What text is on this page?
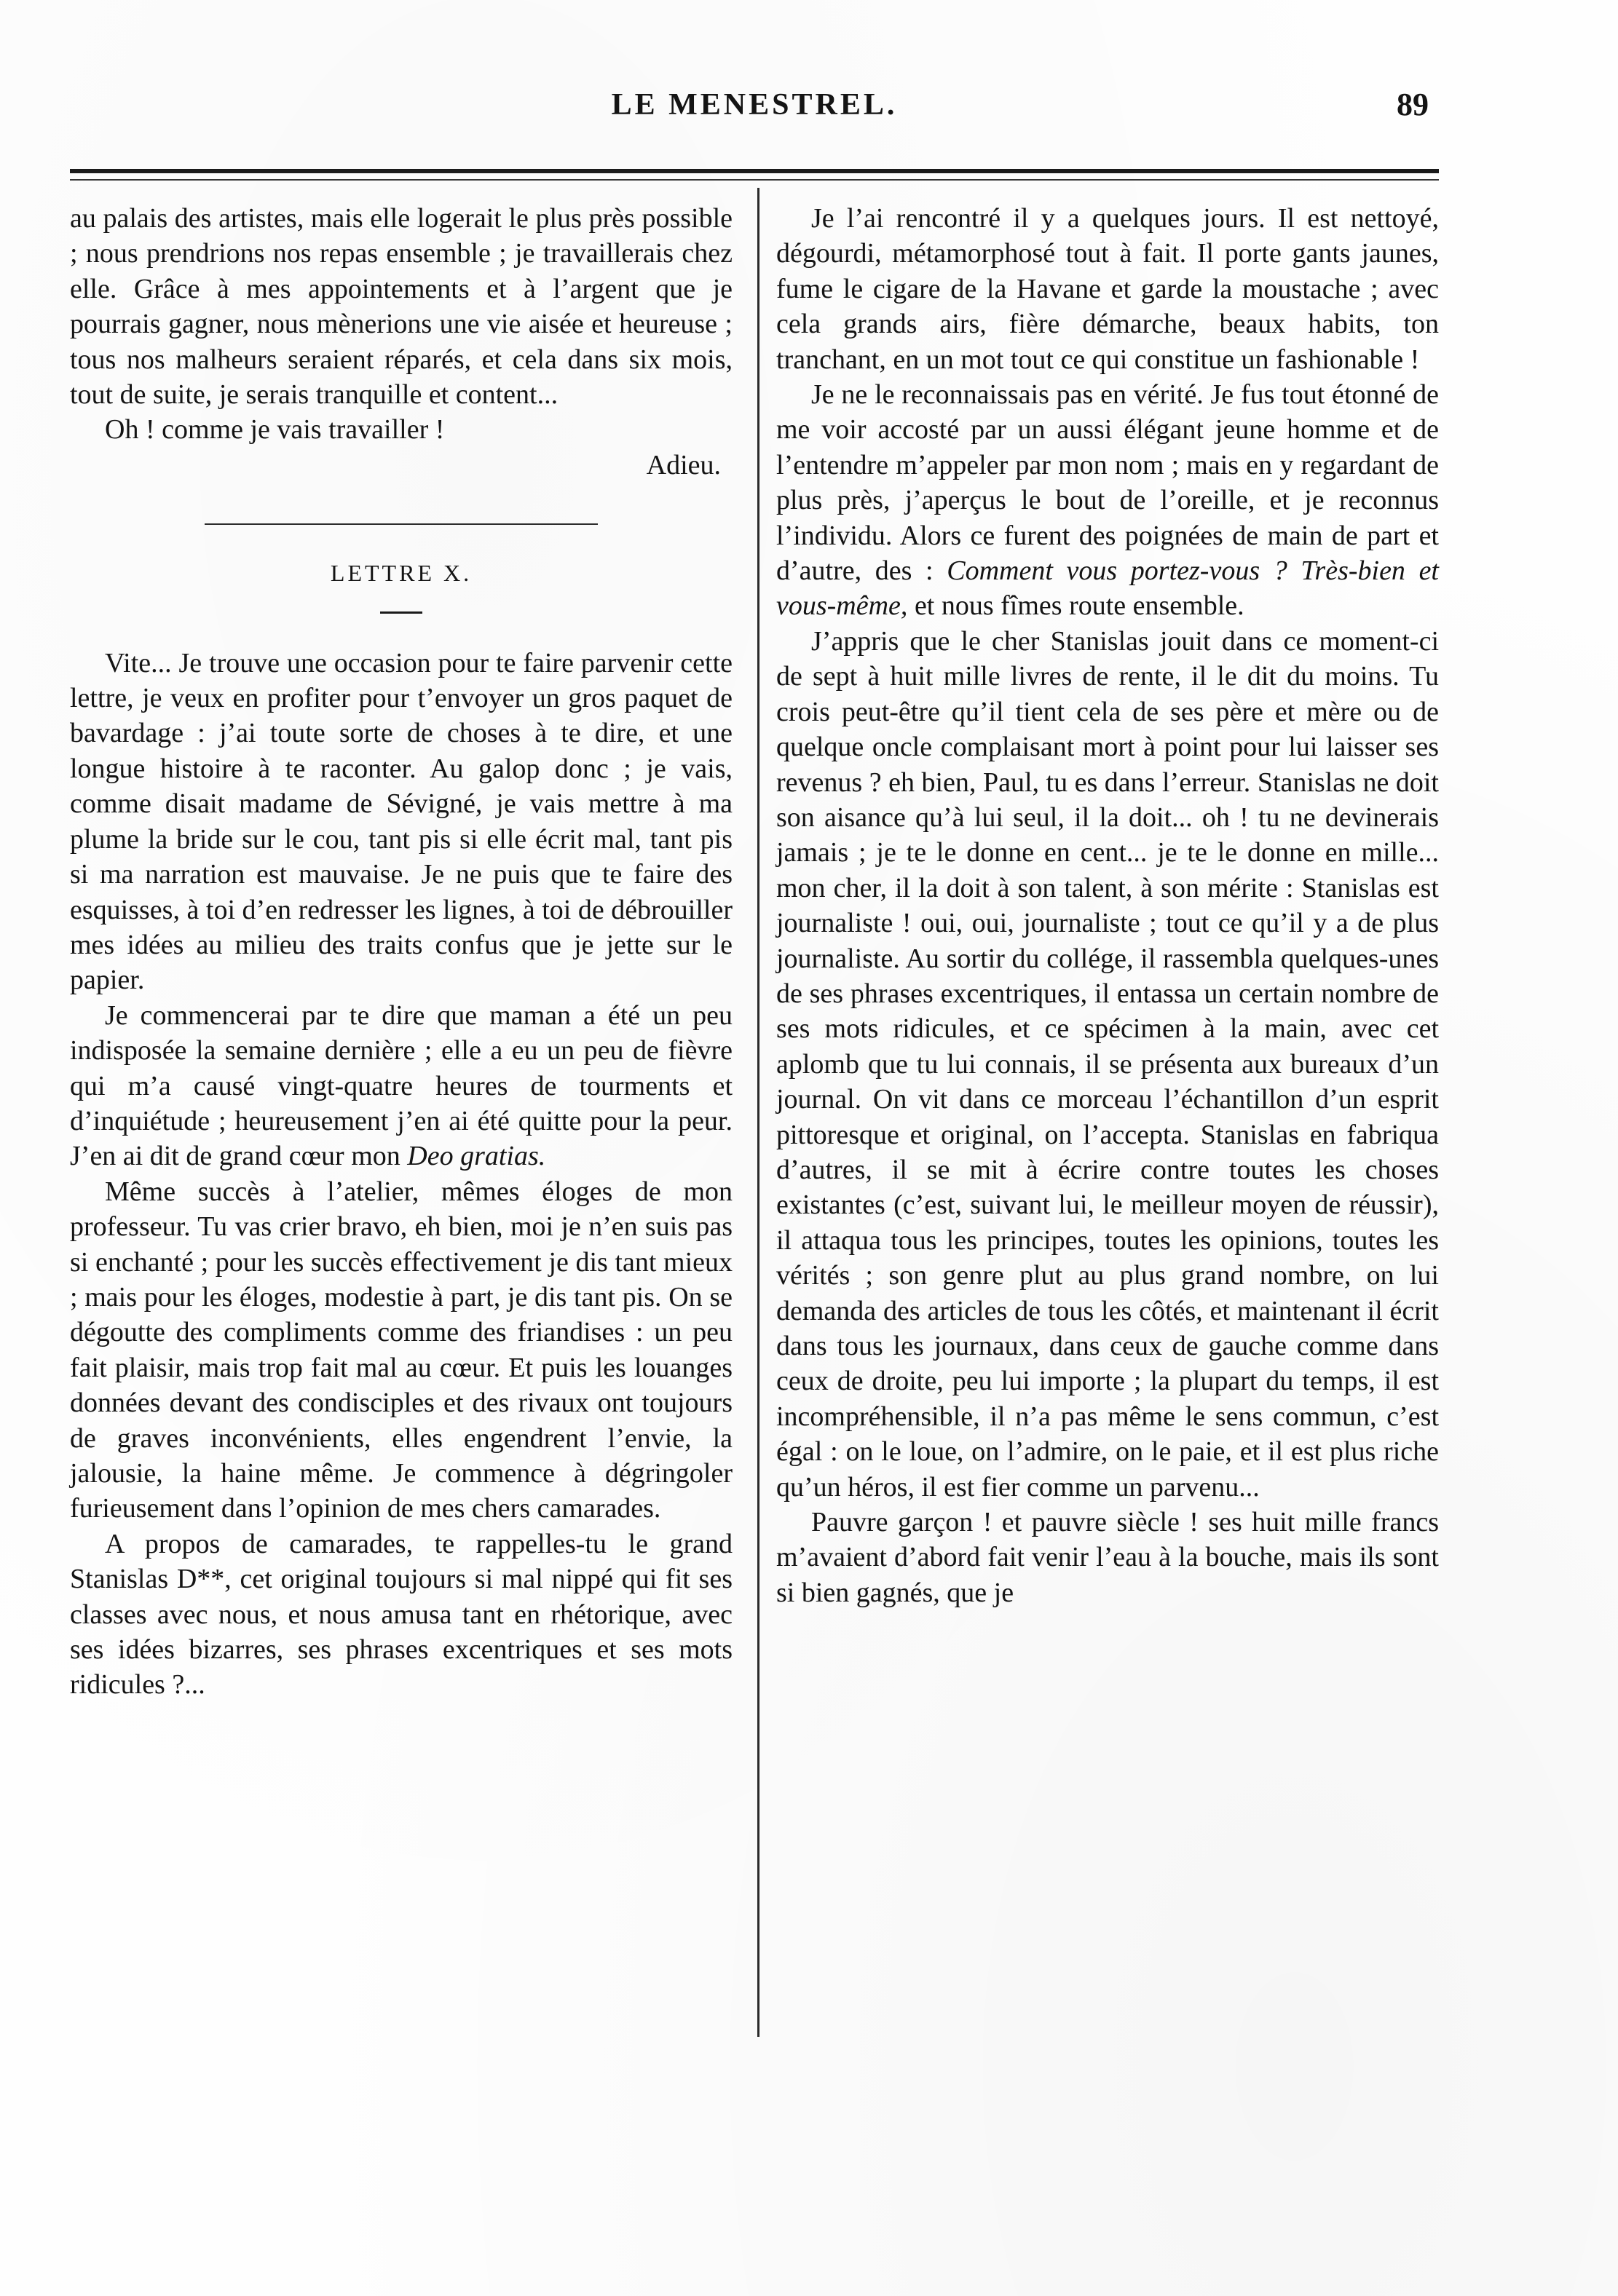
LE MENESTREL.	89

au palais des artistes, mais elle logerait le plus près possible ; nous prendrions nos repas ensemble ; je travaillerais chez elle. Grâce à mes appointements et à l’argent que je pourrais gagner, nous mènerions une vie aisée et heureuse ; tous nos malheurs seraient réparés, et cela dans six mois, tout de suite, je serais tranquille et content...

Oh ! comme je vais travailler !

Adieu.

LETTRE X.

Vite... Je trouve une occasion pour te faire parvenir cette lettre, je veux en profiter pour t’envoyer un gros paquet de bavardage : j’ai toute sorte de choses à te dire, et une longue histoire à te raconter. Au galop donc ; je vais, comme disait madame de Sévigné, je vais mettre à ma plume la bride sur le cou, tant pis si elle écrit mal, tant pis si ma narration est mauvaise. Je ne puis que te faire des esquisses, à toi d’en redresser les lignes, à toi de débrouiller mes idées au milieu des traits confus que je jette sur le papier.

Je commencerai par te dire que maman a été un peu indisposée la semaine dernière ; elle a eu un peu de fièvre qui m’a causé vingt-quatre heures de tourments et d’inquiétude ; heureusement j’en ai été quitte pour la peur. J’en ai dit de grand cœur mon Deo gratias.

Même succès à l’atelier, mêmes éloges de mon professeur. Tu vas crier bravo, eh bien, moi je n’en suis pas si enchanté ; pour les succès effectivement je dis tant mieux ; mais pour les éloges, modestie à part, je dis tant pis. On se dégoutte des compliments comme des friandises : un peu fait plaisir, mais trop fait mal au cœur. Et puis les louanges données devant des condisciples et des rivaux ont toujours de graves inconvénients, elles engendrent l’envie, la jalousie, la haine même. Je commence à dégringoler furieusement dans l’opinion de mes chers camarades.

A propos de camarades, te rappelles-tu le grand Stanislas D**, cet original toujours si mal nippé qui fit ses classes avec nous, et nous amusa tant en rhétorique, avec ses idées bizarres, ses phrases excentriques et ses mots ridicules ?...

Je l’ai rencontré il y a quelques jours. Il est nettoyé, dégourdi, métamorphosé tout à fait. Il porte gants jaunes, fume le cigare de la Havane et garde la moustache ; avec cela grands airs, fière démarche, beaux habits, ton tranchant, en un mot tout ce qui constitue un fashionable !

Je ne le reconnaissais pas en vérité. Je fus tout étonné de me voir accosté par un aussi élégant jeune homme et de l’entendre m’appeler par mon nom ; mais en y regardant de plus près, j’aperçus le bout de l’oreille, et je reconnus l’individu. Alors ce furent des poignées de main de part et d’autre, des : Comment vous portez-vous ? Très-bien et vous-même, et nous fîmes route ensemble.

J’appris que le cher Stanislas jouit dans ce moment-ci de sept à huit mille livres de rente, il le dit du moins. Tu crois peut-être qu’il tient cela de ses père et mère ou de quelque oncle complaisant mort à point pour lui laisser ses revenus ? eh bien, Paul, tu es dans l’erreur. Stanislas ne doit son aisance qu’à lui seul, il la doit... oh ! tu ne devinerais jamais ; je te le donne en cent... je te le donne en mille... mon cher, il la doit à son talent, à son mérite : Stanislas est journaliste ! oui, oui, journaliste ; tout ce qu’il y a de plus journaliste. Au sortir du collége, il rassembla quelques-unes de ses phrases excentriques, il entassa un certain nombre de ses mots ridicules, et ce spécimen à la main, avec cet aplomb que tu lui connais, il se présenta aux bureaux d’un journal. On vit dans ce morceau l’échantillon d’un esprit pittoresque et original, on l’accepta. Stanislas en fabriqua d’autres, il se mit à écrire contre toutes les choses existantes (c’est, suivant lui, le meilleur moyen de réussir), il attaqua tous les principes, toutes les opinions, toutes les vérités ; son genre plut au plus grand nombre, on lui demanda des articles de tous les côtés, et maintenant il écrit dans tous les journaux, dans ceux de gauche comme dans ceux de droite, peu lui importe ; la plupart du temps, il est incompréhensible, il n’a pas même le sens commun, c’est égal : on le loue, on l’admire, on le paie, et il est plus riche qu’un héros, il est fier comme un parvenu...

Pauvre garçon ! et pauvre siècle ! ses huit mille francs m’avaient d’abord fait venir l’eau à la bouche, mais ils sont si bien gagnés, que je
